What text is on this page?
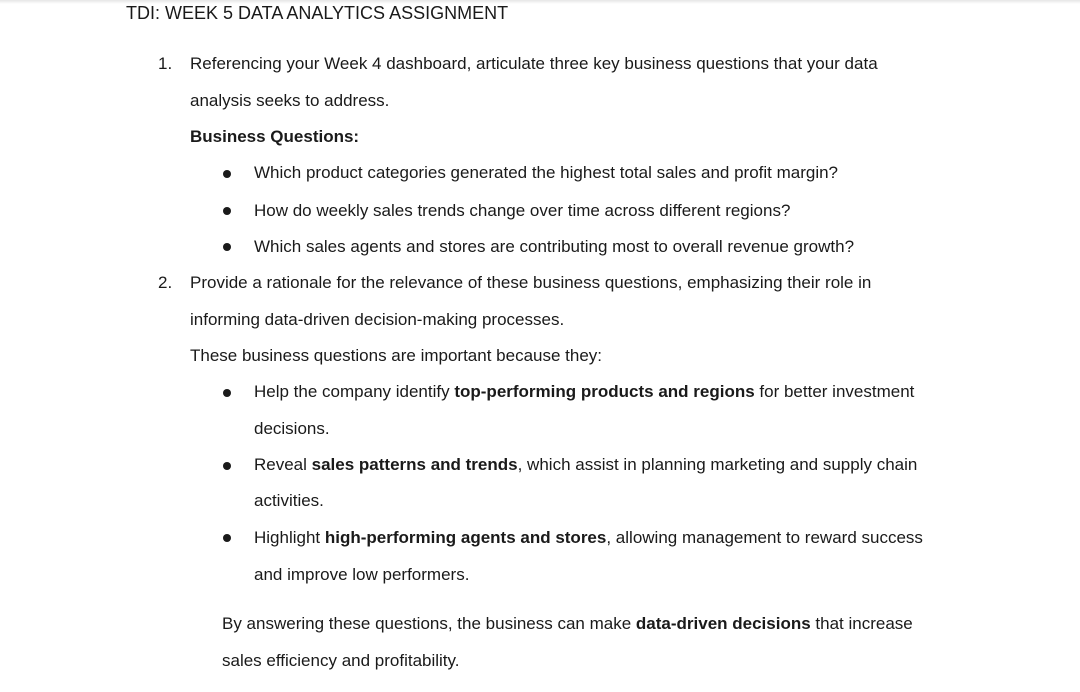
TDI: WEEK 5 DATA ANALYTICS ASSIGNMENT
1. Referencing your Week 4 dashboard, articulate three key business questions that your data
analysis seeks to address.
Business Questions:
Which product categories generated the highest total sales and profit margin?
How do weekly sales trends change over time across different regions?
Which sales agents and stores are contributing most to overall revenue growth?
2. Provide a rationale for the relevance of these business questions, emphasizing their role in
informing data-driven decision-making processes.
These business questions are important because they:
Help the company identify top-performing products and regions for better investment
decisions.
Reveal sales patterns and trends, which assist in planning marketing and supply chain
activities.
Highlight high-performing agents and stores, allowing management to reward success
and improve low performers.
By answering these questions, the business can make data-driven decisions that increase
sales efficiency and profitability.
